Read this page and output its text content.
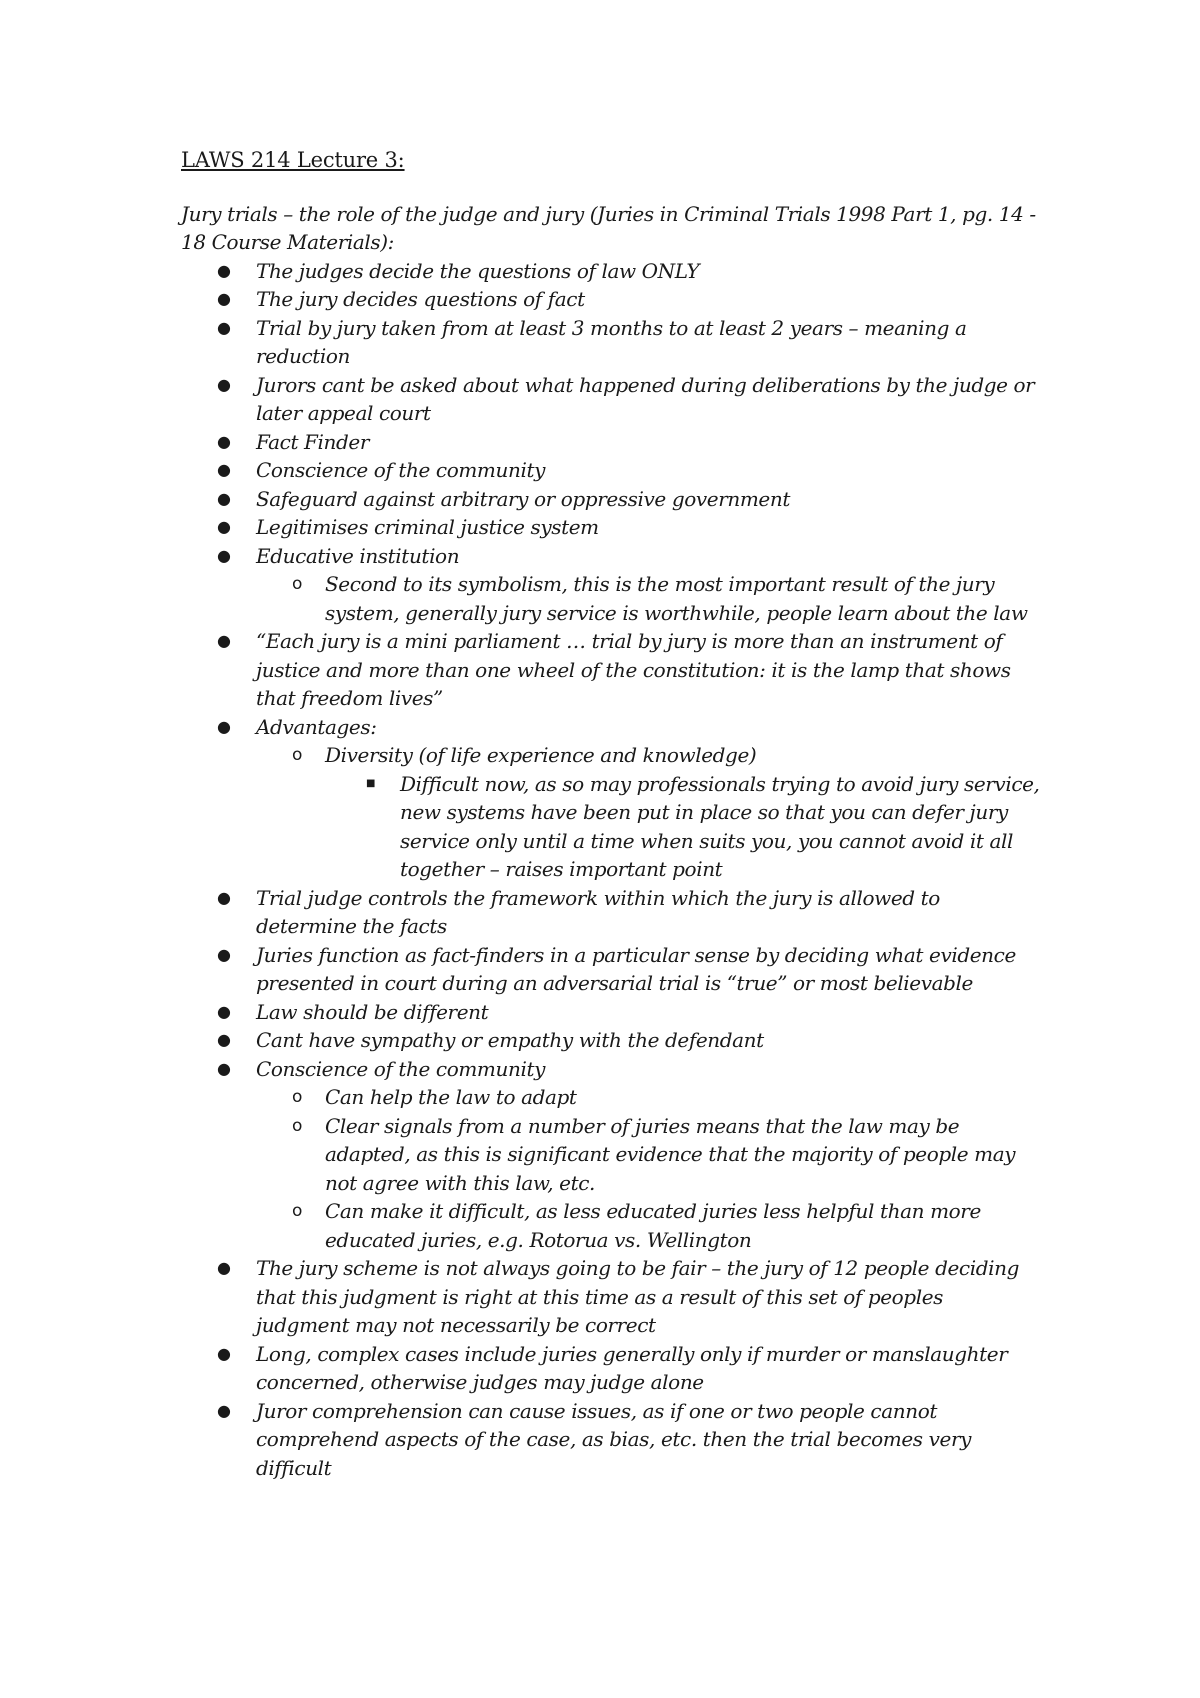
LAWS 214 Lecture 3:

Jury trials – the role of the judge and jury (Juries in Criminal Trials 1998 Part 1, pg. 14 - 18 Course Materials):

● The judges decide the questions of law ONLY
● The jury decides questions of fact
● Trial by jury taken from at least 3 months to at least 2 years – meaning a reduction
● Jurors cant be asked about what happened during deliberations by the judge or later appeal court
● Fact Finder
● Conscience of the community
● Safeguard against arbitrary or oppressive government
● Legitimises criminal justice system
● Educative institution
o Second to its symbolism, this is the most important result of the jury system, generally jury service is worthwhile, people learn about the law
● “Each jury is a mini parliament … trial by jury is more than an instrument of justice and more than one wheel of the constitution: it is the lamp that shows that freedom lives”
● Advantages:
o Diversity (of life experience and knowledge)
■ Difficult now, as so may professionals trying to avoid jury service, new systems have been put in place so that you can defer jury service only until a time when suits you, you cannot avoid it all together – raises important point
● Trial judge controls the framework within which the jury is allowed to determine the facts
● Juries function as fact-finders in a particular sense by deciding what evidence presented in court during an adversarial trial is “true” or most believable
● Law should be different
● Cant have sympathy or empathy with the defendant
● Conscience of the community
o Can help the law to adapt
o Clear signals from a number of juries means that the law may be adapted, as this is significant evidence that the majority of people may not agree with this law, etc.
o Can make it difficult, as less educated juries less helpful than more educated juries, e.g. Rotorua vs. Wellington
● The jury scheme is not always going to be fair – the jury of 12 people deciding that this judgment is right at this time as a result of this set of peoples judgment may not necessarily be correct
● Long, complex cases include juries generally only if murder or manslaughter concerned, otherwise judges may judge alone
● Juror comprehension can cause issues, as if one or two people cannot comprehend aspects of the case, as bias, etc. then the trial becomes very difficult
